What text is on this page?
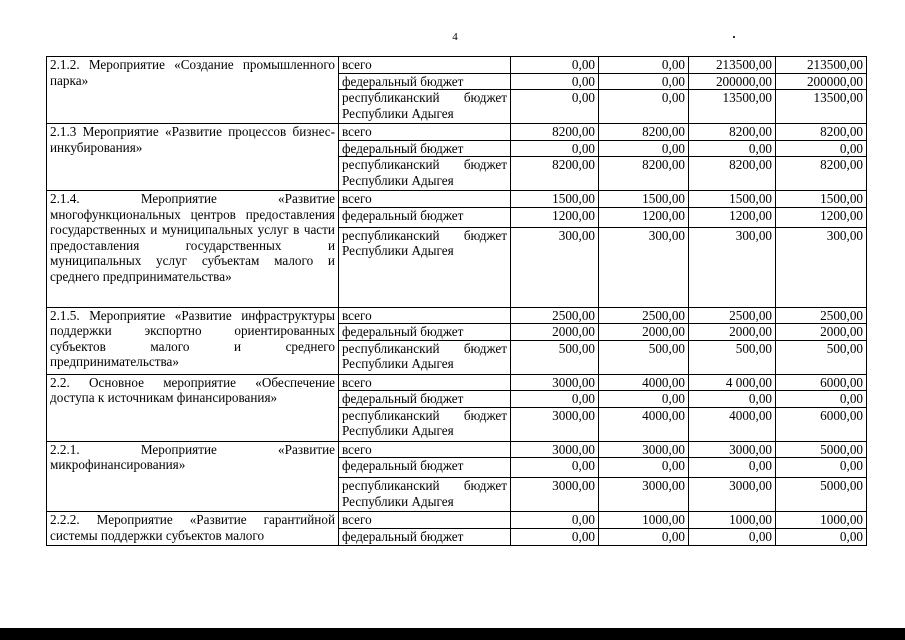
4
2.1.2. Мероприятие «Создание промышленного парка»	всего	0,00	0,00	213500,00	213500,00
	федеральный бюджет	0,00	0,00	200000,00	200000,00
	республиканский бюджет Республики Адыгея	0,00	0,00	13500,00	13500,00
2.1.3 Мероприятие «Развитие процессов бизнес-инкубирования»	всего	8200,00	8200,00	8200,00	8200,00
	федеральный бюджет	0,00	0,00	0,00	0,00
	республиканский бюджет Республики Адыгея	8200,00	8200,00	8200,00	8200,00
2.1.4. Мероприятие «Развитие многофункциональных центров предоставления государственных и муниципальных услуг в части предоставления государственных и муниципальных услуг субъектам малого и среднего предпринимательства»	всего	1500,00	1500,00	1500,00	1500,00
	федеральный бюджет	1200,00	1200,00	1200,00	1200,00
	республиканский бюджет Республики Адыгея	300,00	300,00	300,00	300,00
2.1.5. Мероприятие «Развитие инфраструктуры поддержки экспортно ориентированных субъектов малого и среднего предпринимательства»	всего	2500,00	2500,00	2500,00	2500,00
	федеральный бюджет	2000,00	2000,00	2000,00	2000,00
	республиканский бюджет Республики Адыгея	500,00	500,00	500,00	500,00
2.2. Основное мероприятие «Обеспечение доступа к источникам финансирования»	всего	3000,00	4000,00	4 000,00	6000,00
	федеральный бюджет	0,00	0,00	0,00	0,00
	республиканский бюджет Республики Адыгея	3000,00	4000,00	4000,00	6000,00
2.2.1. Мероприятие «Развитие микрофинансирования»	всего	3000,00	3000,00	3000,00	5000,00
	федеральный бюджет	0,00	0,00	0,00	0,00
	республиканский бюджет Республики Адыгея	3000,00	3000,00	3000,00	5000,00
2.2.2. Мероприятие «Развитие гарантийной системы поддержки субъектов малого	всего	0,00	1000,00	1000,00	1000,00
	федеральный бюджет	0,00	0,00	0,00	0,00
